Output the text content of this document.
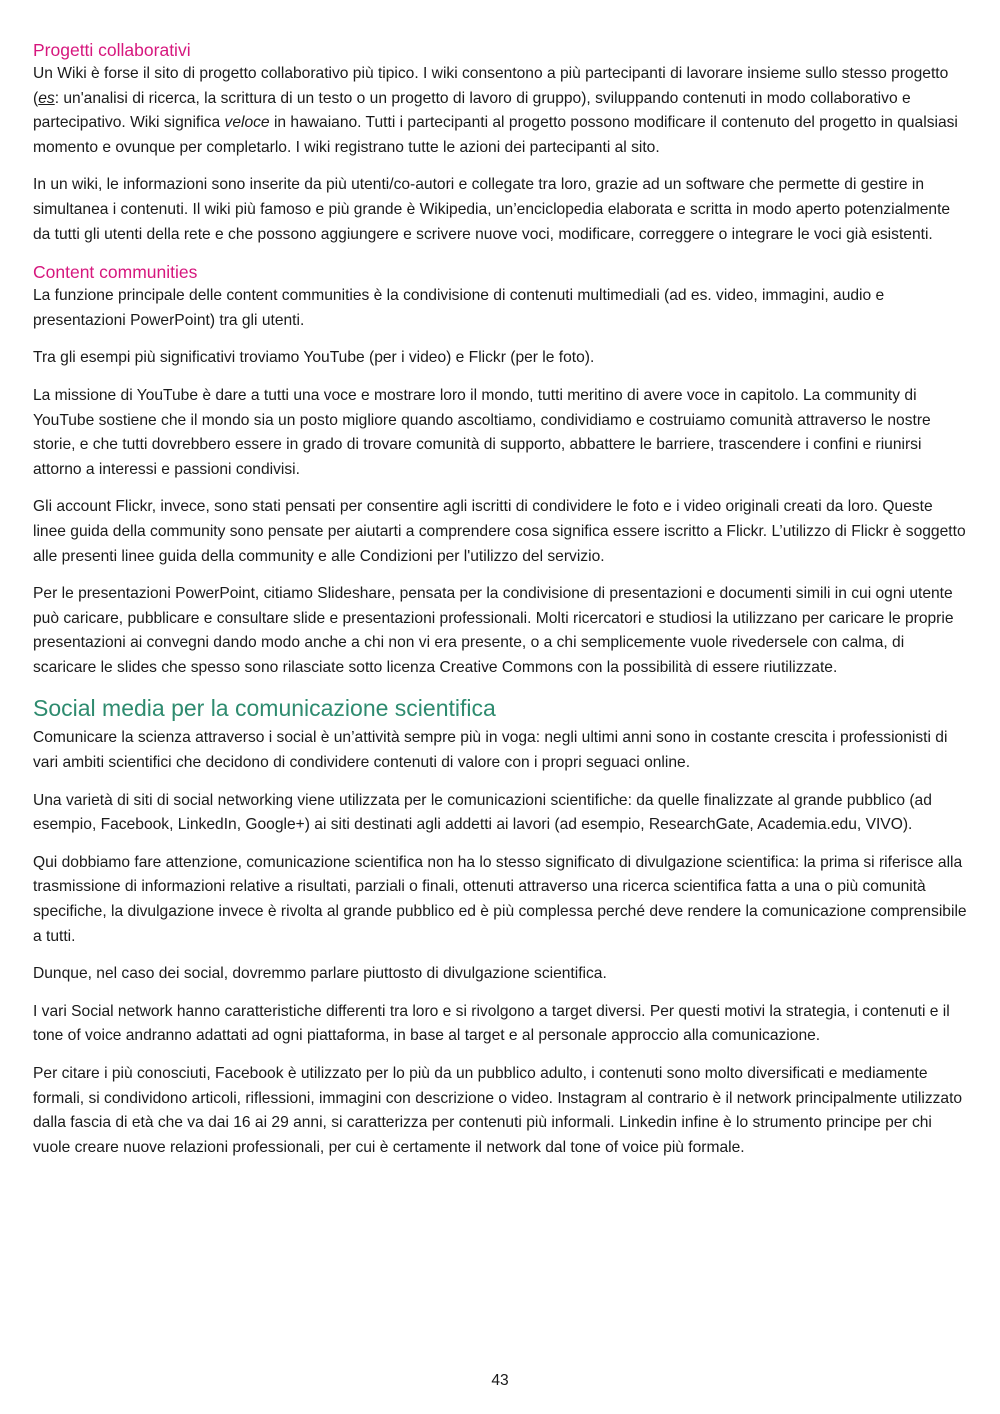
Progetti collaborativi

Un Wiki è forse il sito di progetto collaborativo più tipico. I wiki consentono a più partecipanti di lavorare insieme sullo stesso progetto (es: un'analisi di ricerca, la scrittura di un testo o un progetto di lavoro di gruppo), sviluppando contenuti in modo collaborativo e partecipativo. Wiki significa veloce in hawaiano. Tutti i partecipanti al progetto possono modificare il contenuto del progetto in qualsiasi momento e ovunque per completarlo. I wiki registrano tutte le azioni dei partecipanti al sito.

In un wiki, le informazioni sono inserite da più utenti/co-autori e collegate tra loro, grazie ad un software che permette di gestire in simultanea i contenuti. Il wiki più famoso e più grande è Wikipedia, un’enciclopedia elaborata e scritta in modo aperto potenzialmente da tutti gli utenti della rete e che possono aggiungere e scrivere nuove voci, modificare, correggere o integrare le voci già esistenti.

Content communities

La funzione principale delle content communities è la condivisione di contenuti multimediali (ad es. video, immagini, audio e presentazioni PowerPoint) tra gli utenti.

Tra gli esempi più significativi troviamo YouTube (per i video) e Flickr (per le foto).

La missione di YouTube è dare a tutti una voce e mostrare loro il mondo, tutti meritino di avere voce in capitolo. La community di YouTube sostiene che il mondo sia un posto migliore quando ascoltiamo, condividiamo e costruiamo comunità attraverso le nostre storie, e che tutti dovrebbero essere in grado di trovare comunità di supporto, abbattere le barriere, trascendere i confini e riunirsi attorno a interessi e passioni condivisi.

Gli account Flickr, invece, sono stati pensati per consentire agli iscritti di condividere le foto e i video originali creati da loro. Queste linee guida della community sono pensate per aiutarti a comprendere cosa significa essere iscritto a Flickr. L’utilizzo di Flickr è soggetto alle presenti linee guida della community e alle Condizioni per l'utilizzo del servizio.

Per le presentazioni PowerPoint, citiamo Slideshare, pensata per la condivisione di presentazioni e documenti simili in cui ogni utente può caricare, pubblicare e consultare slide e presentazioni professionali. Molti ricercatori e studiosi la utilizzano per caricare le proprie presentazioni ai convegni dando modo anche a chi non vi era presente, o a chi semplicemente vuole rivedersele con calma, di scaricare le slides che spesso sono rilasciate sotto licenza Creative Commons con la possibilità di essere riutilizzate.

Social media per la comunicazione scientifica

Comunicare la scienza attraverso i social è un’attività sempre più in voga: negli ultimi anni sono in costante crescita i professionisti di vari ambiti scientifici che decidono di condividere contenuti di valore con i propri seguaci online.

Una varietà di siti di social networking viene utilizzata per le comunicazioni scientifiche: da quelle finalizzate al grande pubblico (ad esempio, Facebook, LinkedIn, Google+) ai siti destinati agli addetti ai lavori (ad esempio, ResearchGate, Academia.edu, VIVO).

Qui dobbiamo fare attenzione, comunicazione scientifica non ha lo stesso significato di divulgazione scientifica: la prima si riferisce alla trasmissione di informazioni relative a risultati, parziali o finali, ottenuti attraverso una ricerca scientifica fatta a una o più comunità specifiche, la divulgazione invece è rivolta al grande pubblico ed è più complessa perché deve rendere la comunicazione comprensibile a tutti.

Dunque, nel caso dei social, dovremmo parlare piuttosto di divulgazione scientifica.

I vari Social network hanno caratteristiche differenti tra loro e si rivolgono a target diversi. Per questi motivi la strategia, i contenuti e il tone of voice andranno adattati ad ogni piattaforma, in base al target e al personale approccio alla comunicazione.

Per citare i più conosciuti, Facebook è utilizzato per lo più da un pubblico adulto, i contenuti sono molto diversificati e mediamente formali, si condividono articoli, riflessioni, immagini con descrizione o video. Instagram al contrario è il network principalmente utilizzato dalla fascia di età che va dai 16 ai 29 anni, si caratterizza per contenuti più informali. Linkedin infine è lo strumento principe per chi vuole creare nuove relazioni professionali, per cui è certamente il network dal tone of voice più formale.

43
